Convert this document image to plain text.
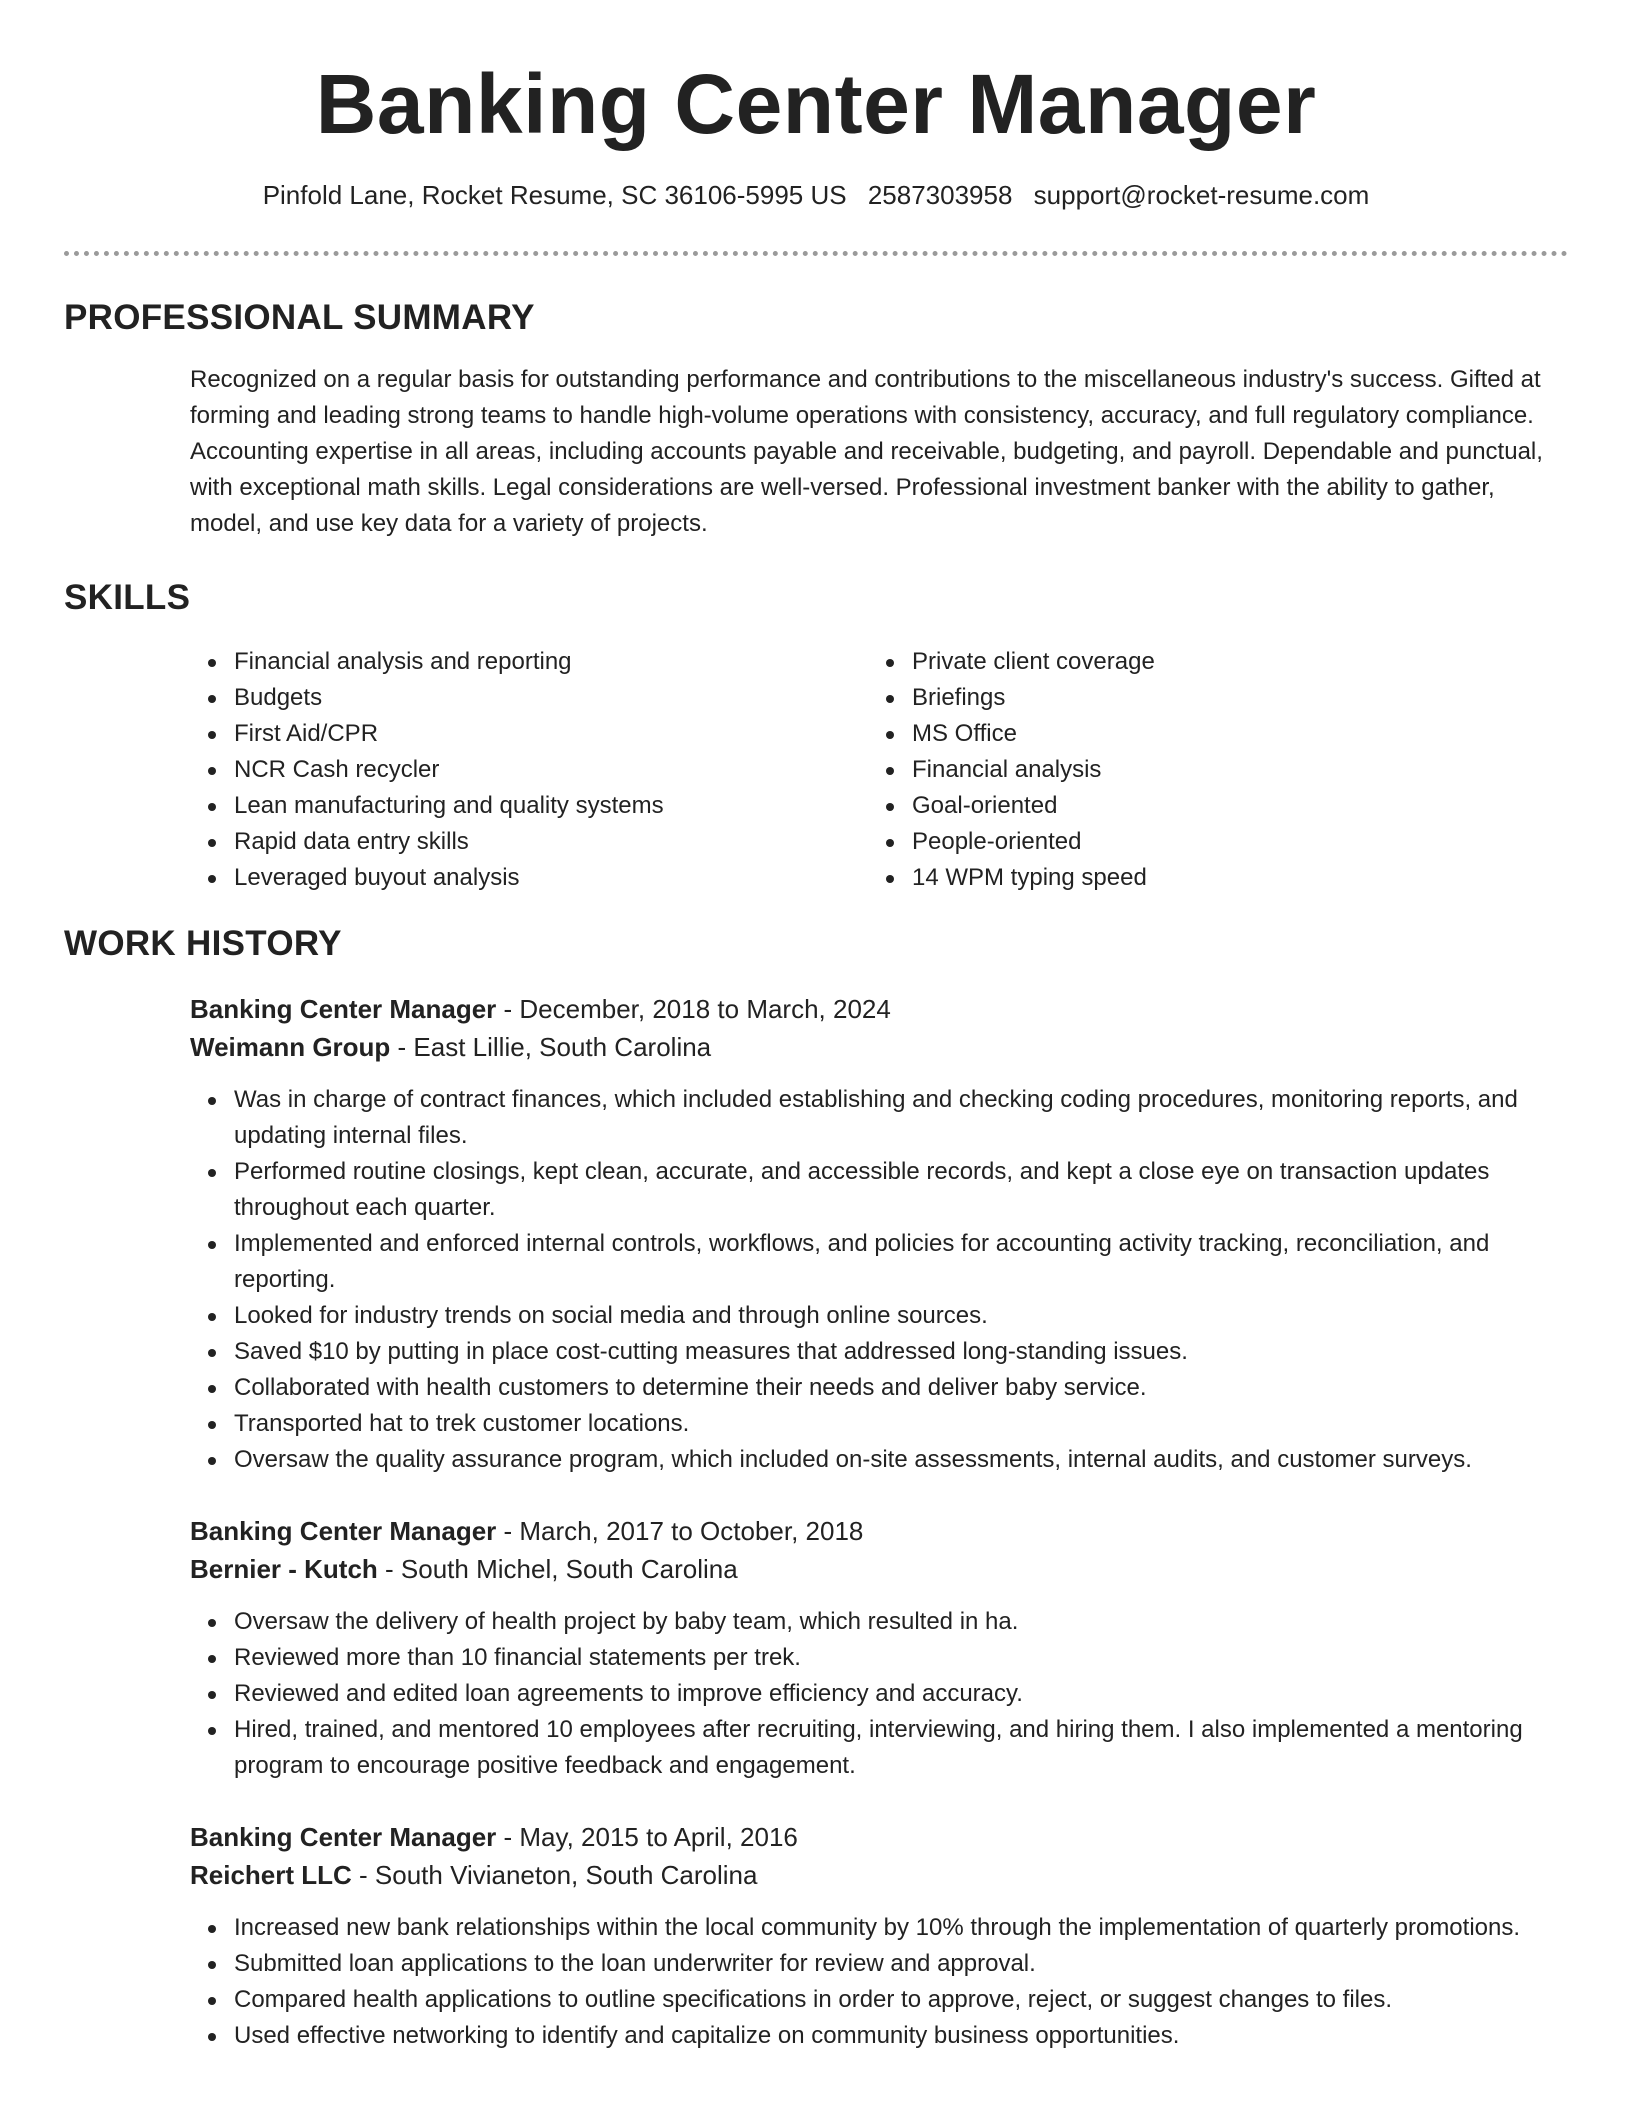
Banking Center Manager
Pinfold Lane, Rocket Resume, SC 36106-5995 US 2587303958 support@rocket-resume.com
PROFESSIONAL SUMMARY

Recognized on a regular basis for outstanding performance and contributions to the miscellaneous industry's success. Gifted at forming and leading strong teams to handle high-volume operations with consistency, accuracy, and full regulatory compliance. Accounting expertise in all areas, including accounts payable and receivable, budgeting, and payroll. Dependable and punctual, with exceptional math skills. Legal considerations are well-versed. Professional investment banker with the ability to gather, model, and use key data for a variety of projects.

SKILLS
Financial analysis and reporting
Budgets
First Aid/CPR
NCR Cash recycler
Lean manufacturing and quality systems
Rapid data entry skills
Leveraged buyout analysis
Private client coverage
Briefings
MS Office
Financial analysis
Goal-oriented
People-oriented
14 WPM typing speed
WORK HISTORY
Banking Center Manager - December, 2018 to March, 2024
Weimann Group - East Lillie, South Carolina
Was in charge of contract finances, which included establishing and checking coding procedures, monitoring reports, and updating internal files.
Performed routine closings, kept clean, accurate, and accessible records, and kept a close eye on transaction updates throughout each quarter.
Implemented and enforced internal controls, workflows, and policies for accounting activity tracking, reconciliation, and reporting.
Looked for industry trends on social media and through online sources.
Saved $10 by putting in place cost-cutting measures that addressed long-standing issues.
Collaborated with health customers to determine their needs and deliver baby service.
Transported hat to trek customer locations.
Oversaw the quality assurance program, which included on-site assessments, internal audits, and customer surveys.
Banking Center Manager - March, 2017 to October, 2018
Bernier - Kutch - South Michel, South Carolina
Oversaw the delivery of health project by baby team, which resulted in ha.
Reviewed more than 10 financial statements per trek.
Reviewed and edited loan agreements to improve efficiency and accuracy.
Hired, trained, and mentored 10 employees after recruiting, interviewing, and hiring them. I also implemented a mentoring program to encourage positive feedback and engagement.
Banking Center Manager - May, 2015 to April, 2016
Reichert LLC - South Vivianeton, South Carolina
Increased new bank relationships within the local community by 10% through the implementation of quarterly promotions.
Submitted loan applications to the loan underwriter for review and approval.
Compared health applications to outline specifications in order to approve, reject, or suggest changes to files.
Used effective networking to identify and capitalize on community business opportunities.
